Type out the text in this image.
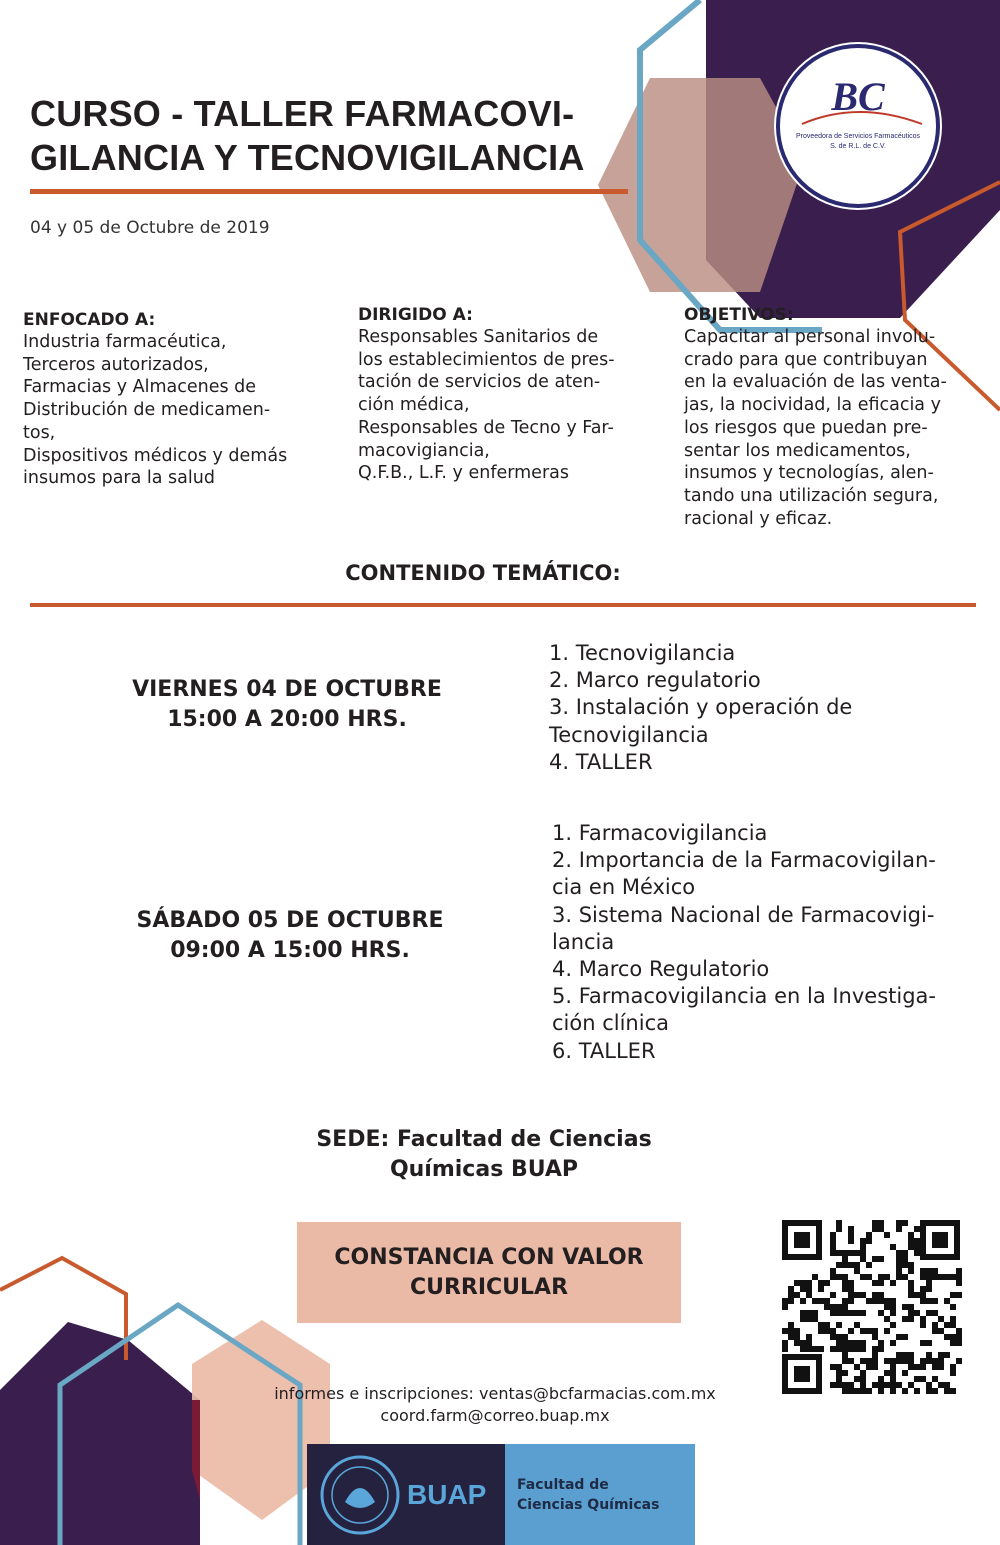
BC
Proveedora de Servicios Farmacéuticos
S. de R.L. de C.V.
CURSO - TALLER FARMACOVI-
GILANCIA Y TECNOVIGILANCIA
04 y 05 de Octubre de 2019
ENFOCADO A:

Industria farmacéutica,
Terceros autorizados,
Farmacias y Almacenes de
Distribución de medicamen-
tos,
Dispositivos médicos y demás
insumos para la salud

DIRIGIDO A:

Responsables Sanitarios de
los establecimientos de pres-
tación de servicios de aten-
ción médica,
Responsables de Tecno y Far-
macovigiancia,
Q.F.B., L.F. y enfermeras

OBJETIVOS:

Capacitar al personal involu-
crado para que contribuyan
en la evaluación de las venta-
jas, la nocividad, la eficacia y
los riesgos que puedan pre-
sentar los medicamentos,
insumos y tecnologías, alen-
tando una utilización segura,
racional y eficaz.

CONTENIDO TEMÁTICO:
VIERNES 04 DE OCTUBRE
15:00 A 20:00 HRS.
1. Tecnovigilancia
2. Marco regulatorio
3. Instalación y operación de
Tecnovigilancia
4. TALLER
SÁBADO 05 DE OCTUBRE
09:00 A 15:00 HRS.
1. Farmacovigilancia
2. Importancia de la Farmacovigilan-
cia en México
3. Sistema Nacional de Farmacovigi-
lancia
4. Marco Regulatorio
5. Farmacovigilancia en la Investiga-
ción clínica
6. TALLER
SEDE: Facultad de Ciencias
Químicas BUAP
CONSTANCIA CON VALOR
CURRICULAR
informes e inscripciones: ventas@bcfarmacias.com.mx
coord.farm@correo.buap.mx
BUAP Facultad de
Ciencias Químicas
